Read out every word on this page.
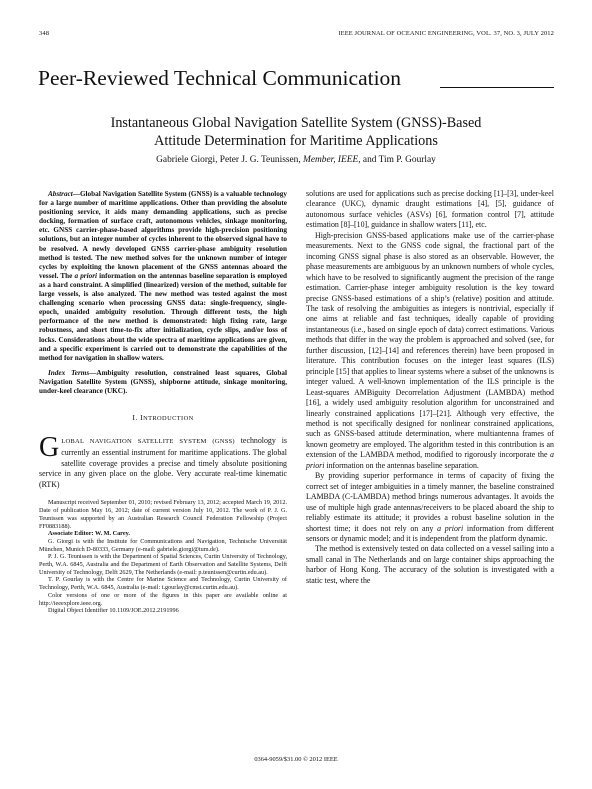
348	IEEE JOURNAL OF OCEANIC ENGINEERING, VOL. 37, NO. 3, JULY 2012
Peer-Reviewed Technical Communication
Instantaneous Global Navigation Satellite System (GNSS)-Based
Attitude Determination for Maritime Applications
Gabriele Giorgi, Peter J. G. Teunissen, Member, IEEE, and Tim P. Gourlay

Abstract—Global Navigation Satellite System (GNSS) is a valuable technology for a large number of maritime applications. Other than providing the absolute positioning service, it aids many demanding applications, such as precise docking, formation of surface craft, autonomous vehicles, sinkage monitoring, etc. GNSS carrier-phase-based algorithms provide high-precision positioning solutions, but an integer number of cycles inherent to the observed signal have to be resolved. A newly developed GNSS carrier-phase ambiguity resolution method is tested. The new method solves for the unknown number of integer cycles by exploiting the known placement of the GNSS antennas aboard the vessel. The a priori information on the antennas baseline separation is employed as a hard constraint. A simplified (linearized) version of the method, suitable for large vessels, is also analyzed. The new method was tested against the most challenging scenario when processing GNSS data: single-frequency, single-epoch, unaided ambiguity resolution. Through different tests, the high performance of the new method is demonstrated: high fixing rate, large robustness, and short time-to-fix after initialization, cycle slips, and/or loss of locks. Considerations about the wide spectra of maritime applications are given, and a specific experiment is carried out to demonstrate the capabilities of the method for navigation in shallow waters.

Index Terms—Ambiguity resolution, constrained least squares, Global Navigation Satellite System (GNSS), shipborne attitude, sinkage monitoring, under-keel clearance (UKC).

I. INTRODUCTION

GLOBAL NAVIGATION SATELLITE SYSTEM (GNSS) technology is currently an essential instrument for maritime applications. The global satellite coverage provides a precise and timely absolute positioning service in any given place on the globe. Very accurate real-time kinematic (RTK)

Manuscript received September 01, 2010; revised February 13, 2012; accepted March 19, 2012. Date of publication May 16, 2012; date of current version July 10, 2012. The work of P. J. G. Teunissen was supported by an Australian Research Council Federation Fellowship (Project FF0883188).

Associate Editor: W. M. Carey.

G. Giorgi is with the Institute for Communications and Navigation, Technische Universität München, Munich D-80333, Germany (e-mail: gabriele.giorgi@tum.de).

P. J. G. Teunissen is with the Department of Spatial Sciences, Curtin University of Technology, Perth, W.A. 6845, Australia and the Department of Earth Observation and Satellite Systems, Delft University of Technology, Delft 2629, The Netherlands (e-mail: p.teunissen@curtin.edu.au).

T. P. Gourlay is with the Centre for Marine Science and Technology, Curtin University of Technology, Perth, W.A. 6845, Australia (e-mail: t.gourlay@cmst.curtin.edu.au).

Color versions of one or more of the figures in this paper are available online at http://ieeexplore.ieee.org.

Digital Object Identifier 10.1109/JOE.2012.2191996

solutions are used for applications such as precise docking [1]–[3], under-keel clearance (UKC), dynamic draught estimations [4], [5], guidance of autonomous surface vehicles (ASVs) [6], formation control [7], attitude estimation [8]–[10], guidance in shallow waters [11], etc.

High-precision GNSS-based applications make use of the carrier-phase measurements. Next to the GNSS code signal, the fractional part of the incoming GNSS signal phase is also stored as an observable. However, the phase measurements are ambiguous by an unknown numbers of whole cycles, which have to be resolved to significantly augment the precision of the range estimation. Carrier-phase integer ambiguity resolution is the key toward precise GNSS-based estimations of a ship’s (relative) position and attitude. The task of resolving the ambiguities as integers is nontrivial, especially if one aims at reliable and fast techniques, ideally capable of providing instantaneous (i.e., based on single epoch of data) correct estimations. Various methods that differ in the way the problem is approached and solved (see, for further discussion, [12]–[14] and references therein) have been proposed in literature. This contribution focuses on the integer least squares (ILS) principle [15] that applies to linear systems where a subset of the unknowns is integer valued. A well-known implementation of the ILS principle is the Least-squares AMBiguity Decorrelation Adjustment (LAMBDA) method [16], a widely used ambiguity resolution algorithm for unconstrained and linearly constrained applications [17]–[21]. Although very effective, the method is not specifically designed for nonlinear constrained applications, such as GNSS-based attitude determination, where multiantenna frames of known geometry are employed. The algorithm tested in this contribution is an extension of the LAMBDA method, modified to rigorously incorporate the a priori information on the antennas baseline separation.

By providing superior performance in terms of capacity of fixing the correct set of integer ambiguities in a timely manner, the baseline constrained LAMBDA (C-LAMBDA) method brings numerous advantages. It avoids the use of multiple high grade antennas/receivers to be placed aboard the ship to reliably estimate its attitude; it provides a robust baseline solution in the shortest time; it does not rely on any a priori information from different sensors or dynamic model; and it is independent from the platform dynamic.

The method is extensively tested on data collected on a vessel sailing into a small canal in The Netherlands and on large container ships approaching the harbor of Hong Kong. The accuracy of the solution is investigated with a static test, where the

0364-9059/$31.00 © 2012 IEEE
